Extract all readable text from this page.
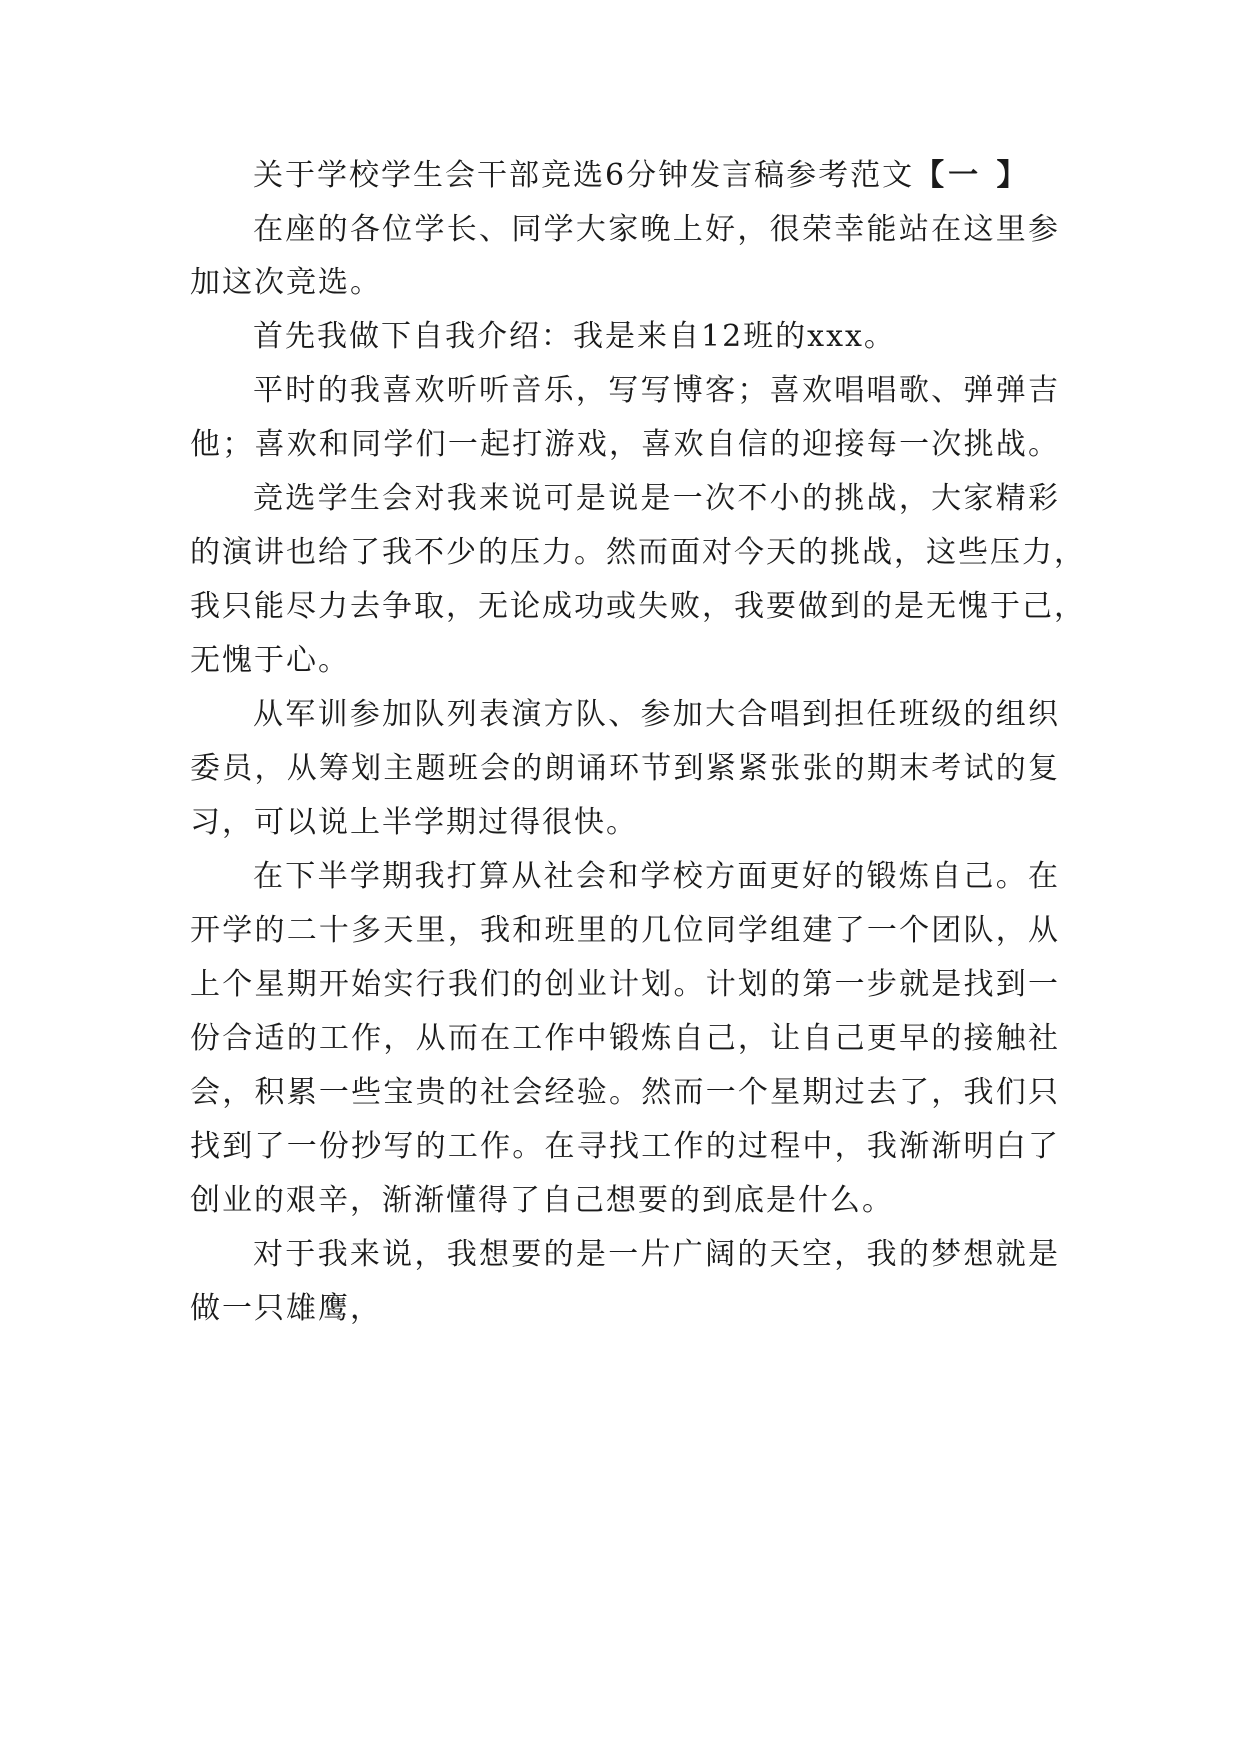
关于学校学生会干部竞选6分钟发言稿参考范文【一 】
在座的各位学长、同学大家晚上好，很荣幸能站在这里参
加这次竞选。
首先我做下自我介绍：我是来自12班的xxx。
平时的我喜欢听听音乐，写写博客；喜欢唱唱歌、弹弹吉
他；喜欢和同学们一起打游戏，喜欢自信的迎接每一次挑战。
竞选学生会对我来说可是说是一次不小的挑战，大家精彩
的演讲也给了我不少的压力。然而面对今天的挑战，这些压力，
我只能尽力去争取，无论成功或失败，我要做到的是无愧于己，
无愧于心。
从军训参加队列表演方队、参加大合唱到担任班级的组织
委员，从筹划主题班会的朗诵环节到紧紧张张的期末考试的复
习，可以说上半学期过得很快。
在下半学期我打算从社会和学校方面更好的锻炼自己。在
开学的二十多天里，我和班里的几位同学组建了一个团队，从
上个星期开始实行我们的创业计划。计划的第一步就是找到一
份合适的工作，从而在工作中锻炼自己，让自己更早的接触社
会，积累一些宝贵的社会经验。然而一个星期过去了，我们只
找到了一份抄写的工作。在寻找工作的过程中，我渐渐明白了
创业的艰辛，渐渐懂得了自己想要的到底是什么。
对于我来说，我想要的是一片广阔的天空，我的梦想就是
做一只雄鹰，
